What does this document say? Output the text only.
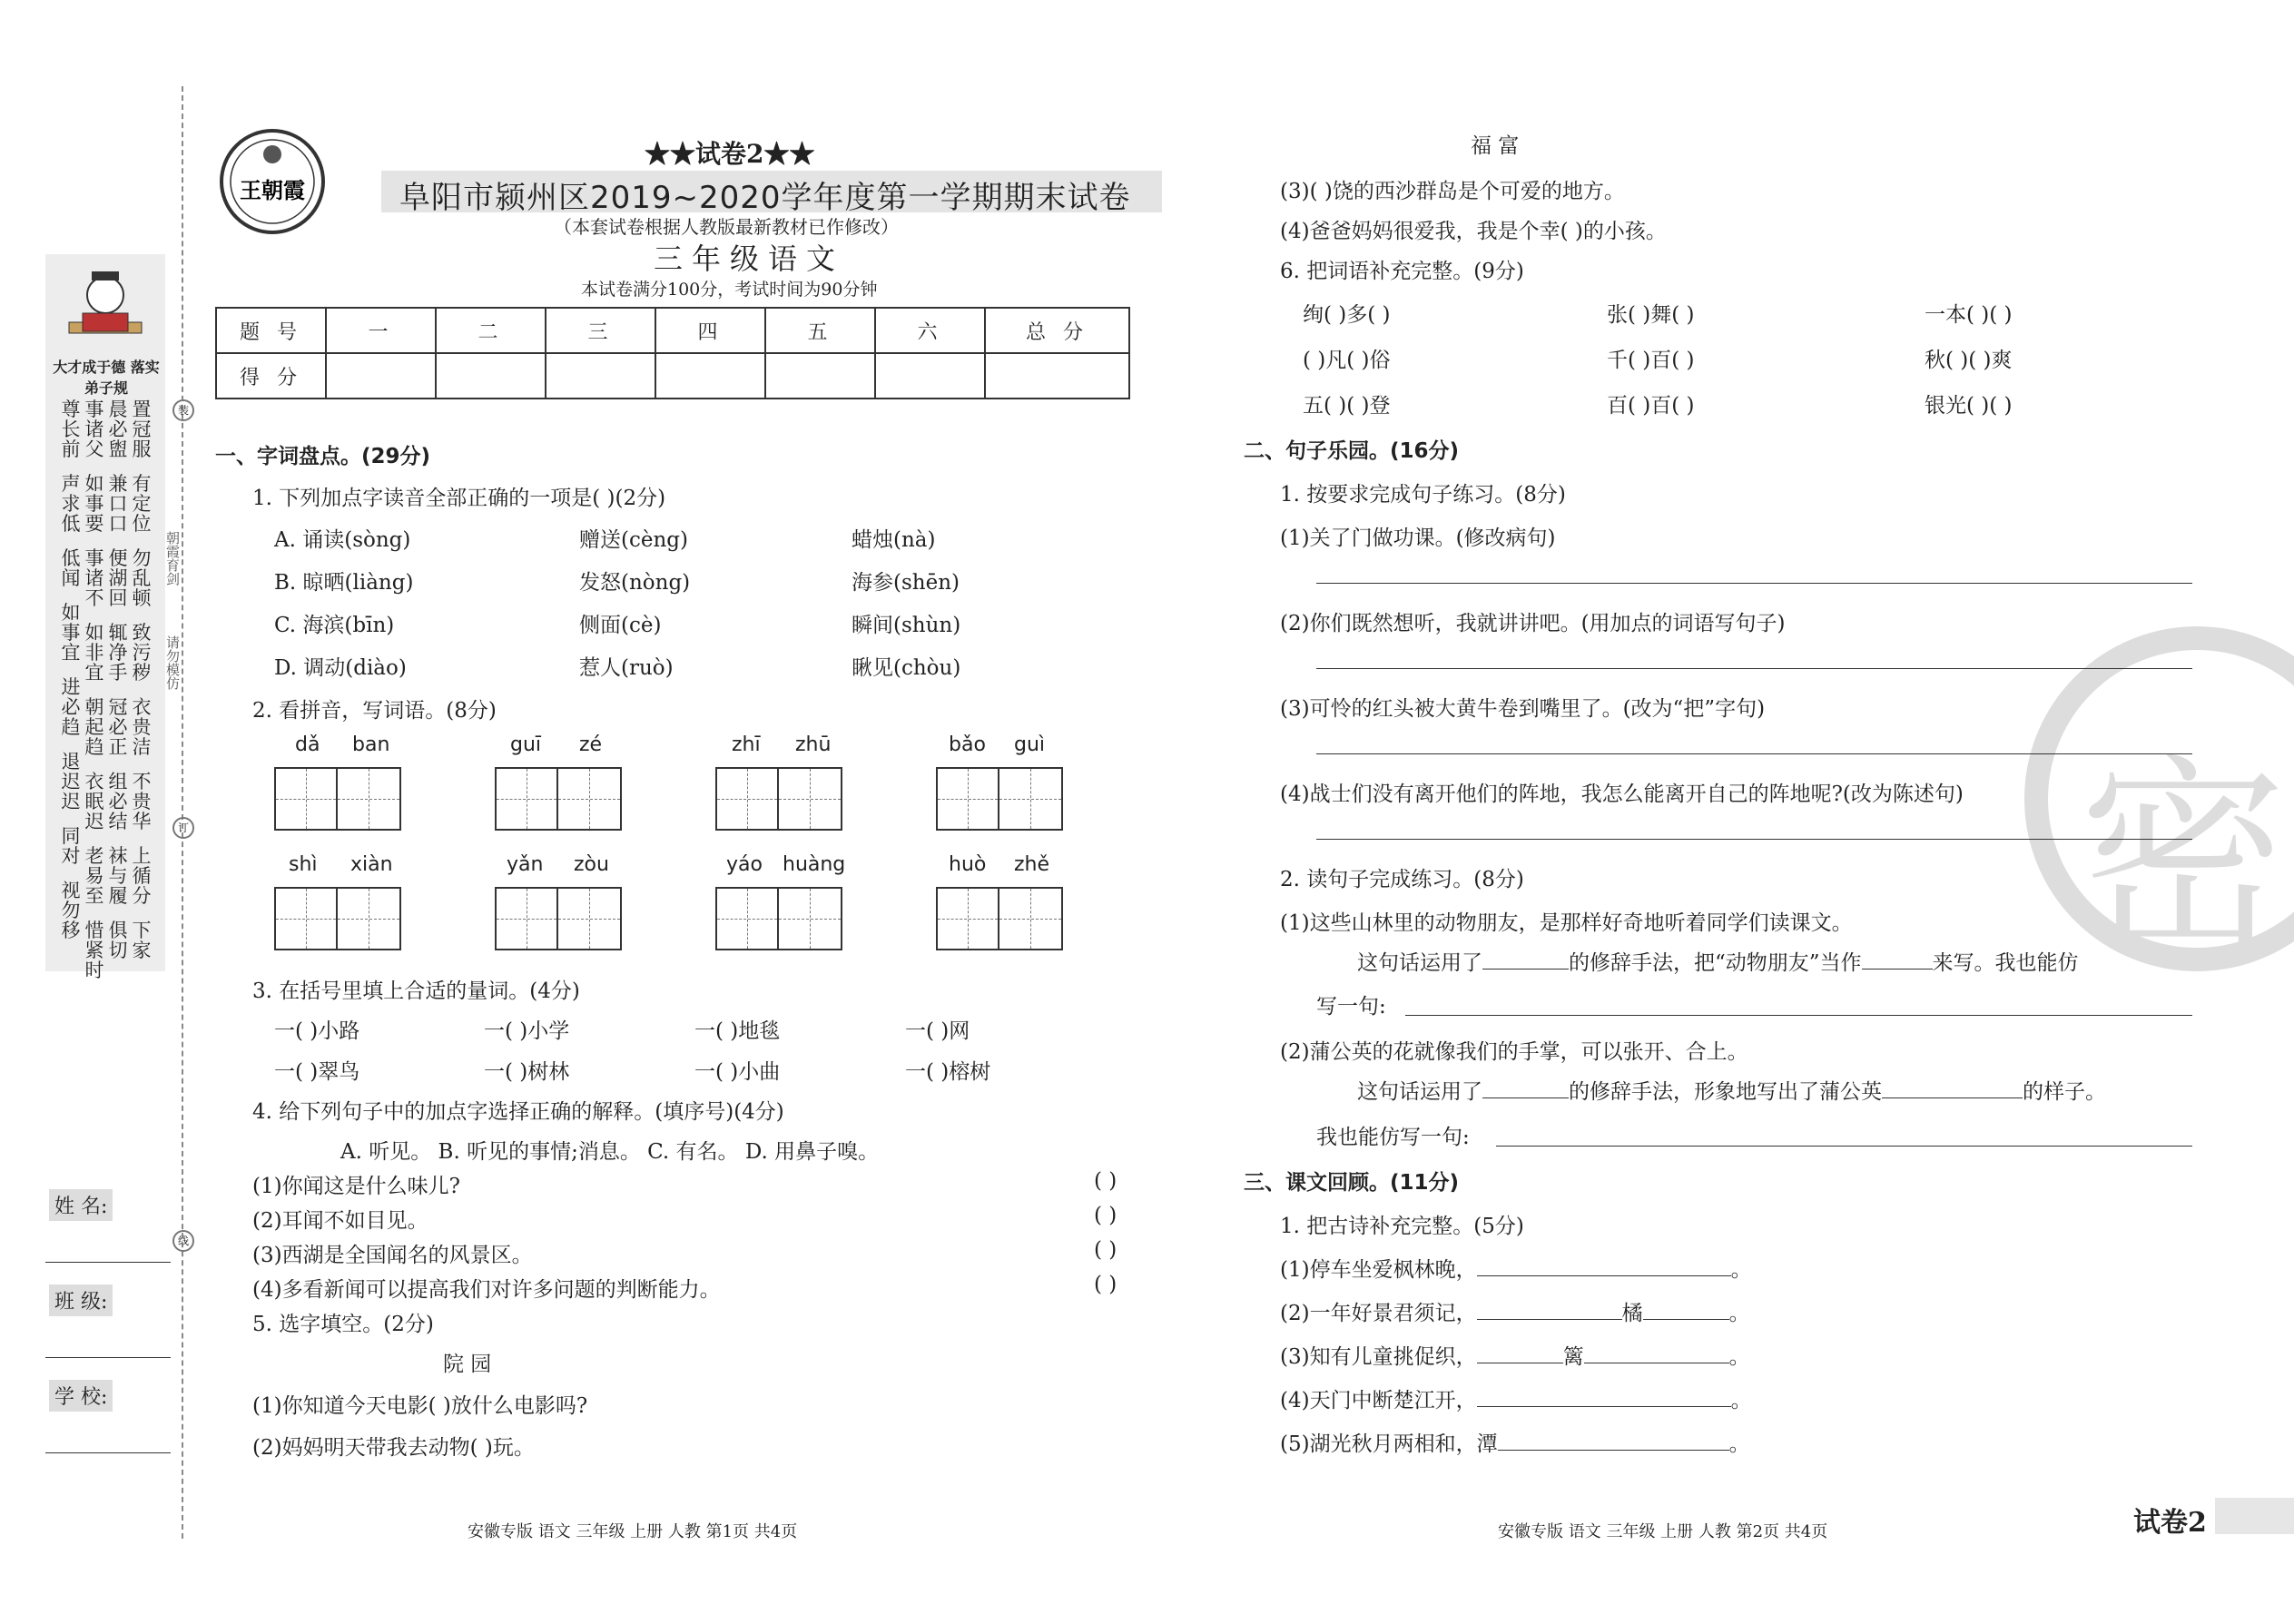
大才成于德 落实弟子规
置冠服
有定位
勿乱顿
致污秽
衣贵洁
不贵华
上循分
下家
晨必盥
兼口口
便湖回
辄净手
冠必正
组必结
袜与履
俱切
事诸父
如事要
事诸不
如非宜
朝起趋
衣眠迟
老易至
惜紧时
尊长前
声求低
低闻
如事宜
进必趋
退迟迟
同对
视勿移
装
订
线
朝霞育剑
请勿模仿
姓 名:
班 级:
学 校:
王朝霞
★★试卷2★★
阜阳市颍州区2019~2020学年度第一学期期末试卷
（本套试卷根据人教版最新教材已作修改）
三年级语文
本试卷满分100分，考试时间为90分钟
题 号	一	二	三	四	五	六	总 分
得 分							
一、字词盘点。(29分)
1. 下列加点字读音全部正确的一项是( )(2分)
A. 诵读(sòng)	赠送(cèng)	蜡烛(nà)
B. 晾晒(liàng)	发怒(nòng)	海参(shēn)
C. 海滨(bīn)	侧面(cè)	瞬间(shùn)
D. 调动(diào)	惹人(ruò)	瞅见(chòu)
2. 看拼音，写词语。(8分)
dǎ ban	guī zé	zhī zhū	bǎo guì
shì xiàn	yǎn zòu	yáo huàng	huò zhě
3. 在括号里填上合适的量词。(4分)
一( )小路	一( )小学	一( )地毯	一( )网
一( )翠鸟	一( )树林	一( )小曲	一( )榕树
4. 给下列句子中的加点字选择正确的解释。(填序号)(4分)
A. 听见。 B. 听见的事情;消息。 C. 有名。 D. 用鼻子嗅。
(1)你闻这是什么味儿?	( )
(2)耳闻不如目见。	( )
(3)西湖是全国闻名的风景区。	( )
(4)多看新闻可以提高我们对许多问题的判断能力。	( )
5. 选字填空。(2分)
院 园
(1)你知道今天电影( )放什么电影吗?
(2)妈妈明天带我去动物( )玩。
安徽专版 语文 三年级 上册 人教 第1页 共4页
密
福 富
(3)( )饶的西沙群岛是个可爱的地方。
(4)爸爸妈妈很爱我，我是个幸( )的小孩。
6. 把词语补充完整。(9分)
绚( )多( )	张( )舞( )	一本( )( )
( )凡( )俗	千( )百( )	秋( )( )爽
五( )( )登	百( )百( )	银光( )( )
二、句子乐园。(16分)
1. 按要求完成句子练习。(8分)
(1)关了门做功课。(修改病句)
(2)你们既然想听，我就讲讲吧。(用加点的词语写句子)
(3)可怜的红头被大黄牛卷到嘴里了。(改为“把”字句)
(4)战士们没有离开他们的阵地，我怎么能离开自己的阵地呢?(改为陈述句)
2. 读句子完成练习。(8分)
(1)这些山林里的动物朋友，是那样好奇地听着同学们读课文。
这句话运用了	的修辞手法，把“动物朋友”当作	来写。我也能仿
写一句:
(2)蒲公英的花就像我们的手掌，可以张开、合上。
这句话运用了	的修辞手法，形象地写出了蒲公英	的样子。
我也能仿写一句:
三、课文回顾。(11分)
1. 把古诗补充完整。(5分)
(1)停车坐爱枫林晚，	。
(2)一年好景君须记，	橘	。
(3)知有儿童挑促织，	篱	。
(4)天门中断楚江开，	。
(5)湖光秋月两相和，潭	。
安徽专版 语文 三年级 上册 人教 第2页 共4页	试卷2
